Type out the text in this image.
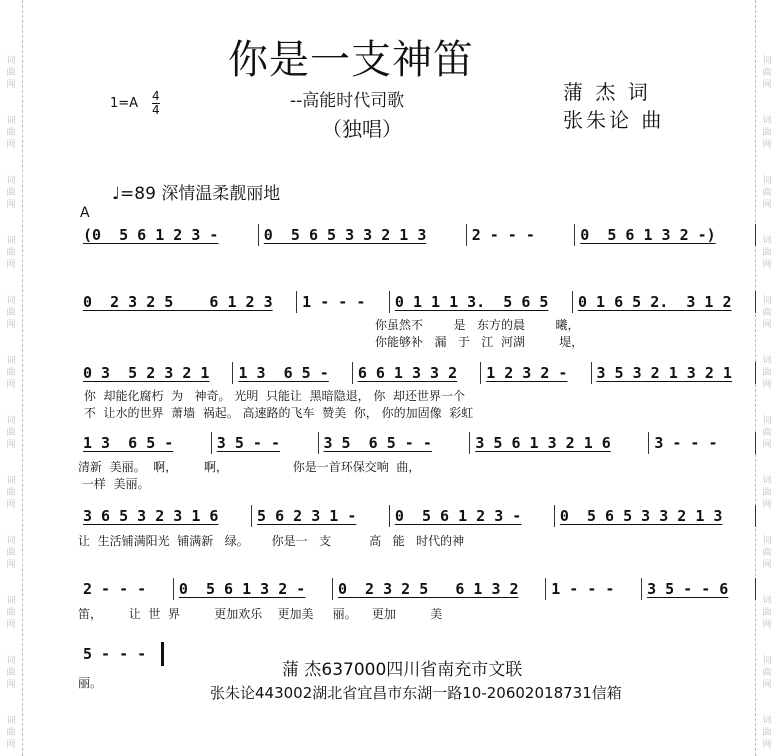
词曲网
词曲网
词曲网
词曲网
词曲网
词曲网
词曲网
词曲网
词曲网
词曲网
词曲网
词曲网
词曲网
词曲网
词曲网
词曲网
词曲网
词曲网
词曲网
词曲网
词曲网
词曲网
词曲网
词曲网
你是一支神笛
--高能时代司歌
（独唱）
$1=A \frac{4}{4}$	蒲 杰 词
张朱论 曲
♩=89 深情温柔靓丽地
A
(0  5 6 1 2 3 -	0  5 6 5 3 3 2 1 3	2 - - -	0  5 6 1 3 2 -)
0  2 3 2 5    6 1 2 3	1 - - -	0 1 1 1 3.  5 6 5	0 1 6 5 2.  3 1 2
0 3  5 2 3 2 1	1 3  6 5 -	6 6 1 3 3 2	1 2 3 2 -	3 5 3 2 1 3 2 1
1 3  6 5 -	3 5 - -	3 5  6 5 - -	3 5 6 1 3 2 1 6	3 - - -
3 6 5 3 2 3 1 6	5 6 2 3 1 -	0  5 6 1 2 3 -	0  5 6 5 3 3 2 1 3
2 - - -	0  5 6 1 3 2 -	0  2 3 2 5   6 1 3 2	1 - - -	3 5 - - 6
5 - - -
你虽然不        是   东方的晨        曦，
你能够补   漏   于   江  河湖         堤，
你  却能化腐朽  为   神奇。 光明  只能让  黑暗隐退， 你  却还世界一个
不  让水的世界  萧墙  祸起。 高速路的飞车  赞美  你， 你的加固像  彩虹
清新  美丽。  啊，       啊，                 你是一首环保交响  曲，
一样  美丽。
让  生活铺满阳光  铺满新   绿。      你是一   支          高   能   时代的神
笛，       让  世  界         更加欢乐    更加美     丽。    更加         美
丽。
蒲 杰637000四川省南充市文联
张朱论443002湖北省宜昌市东湖一路10-20602018731信箱
